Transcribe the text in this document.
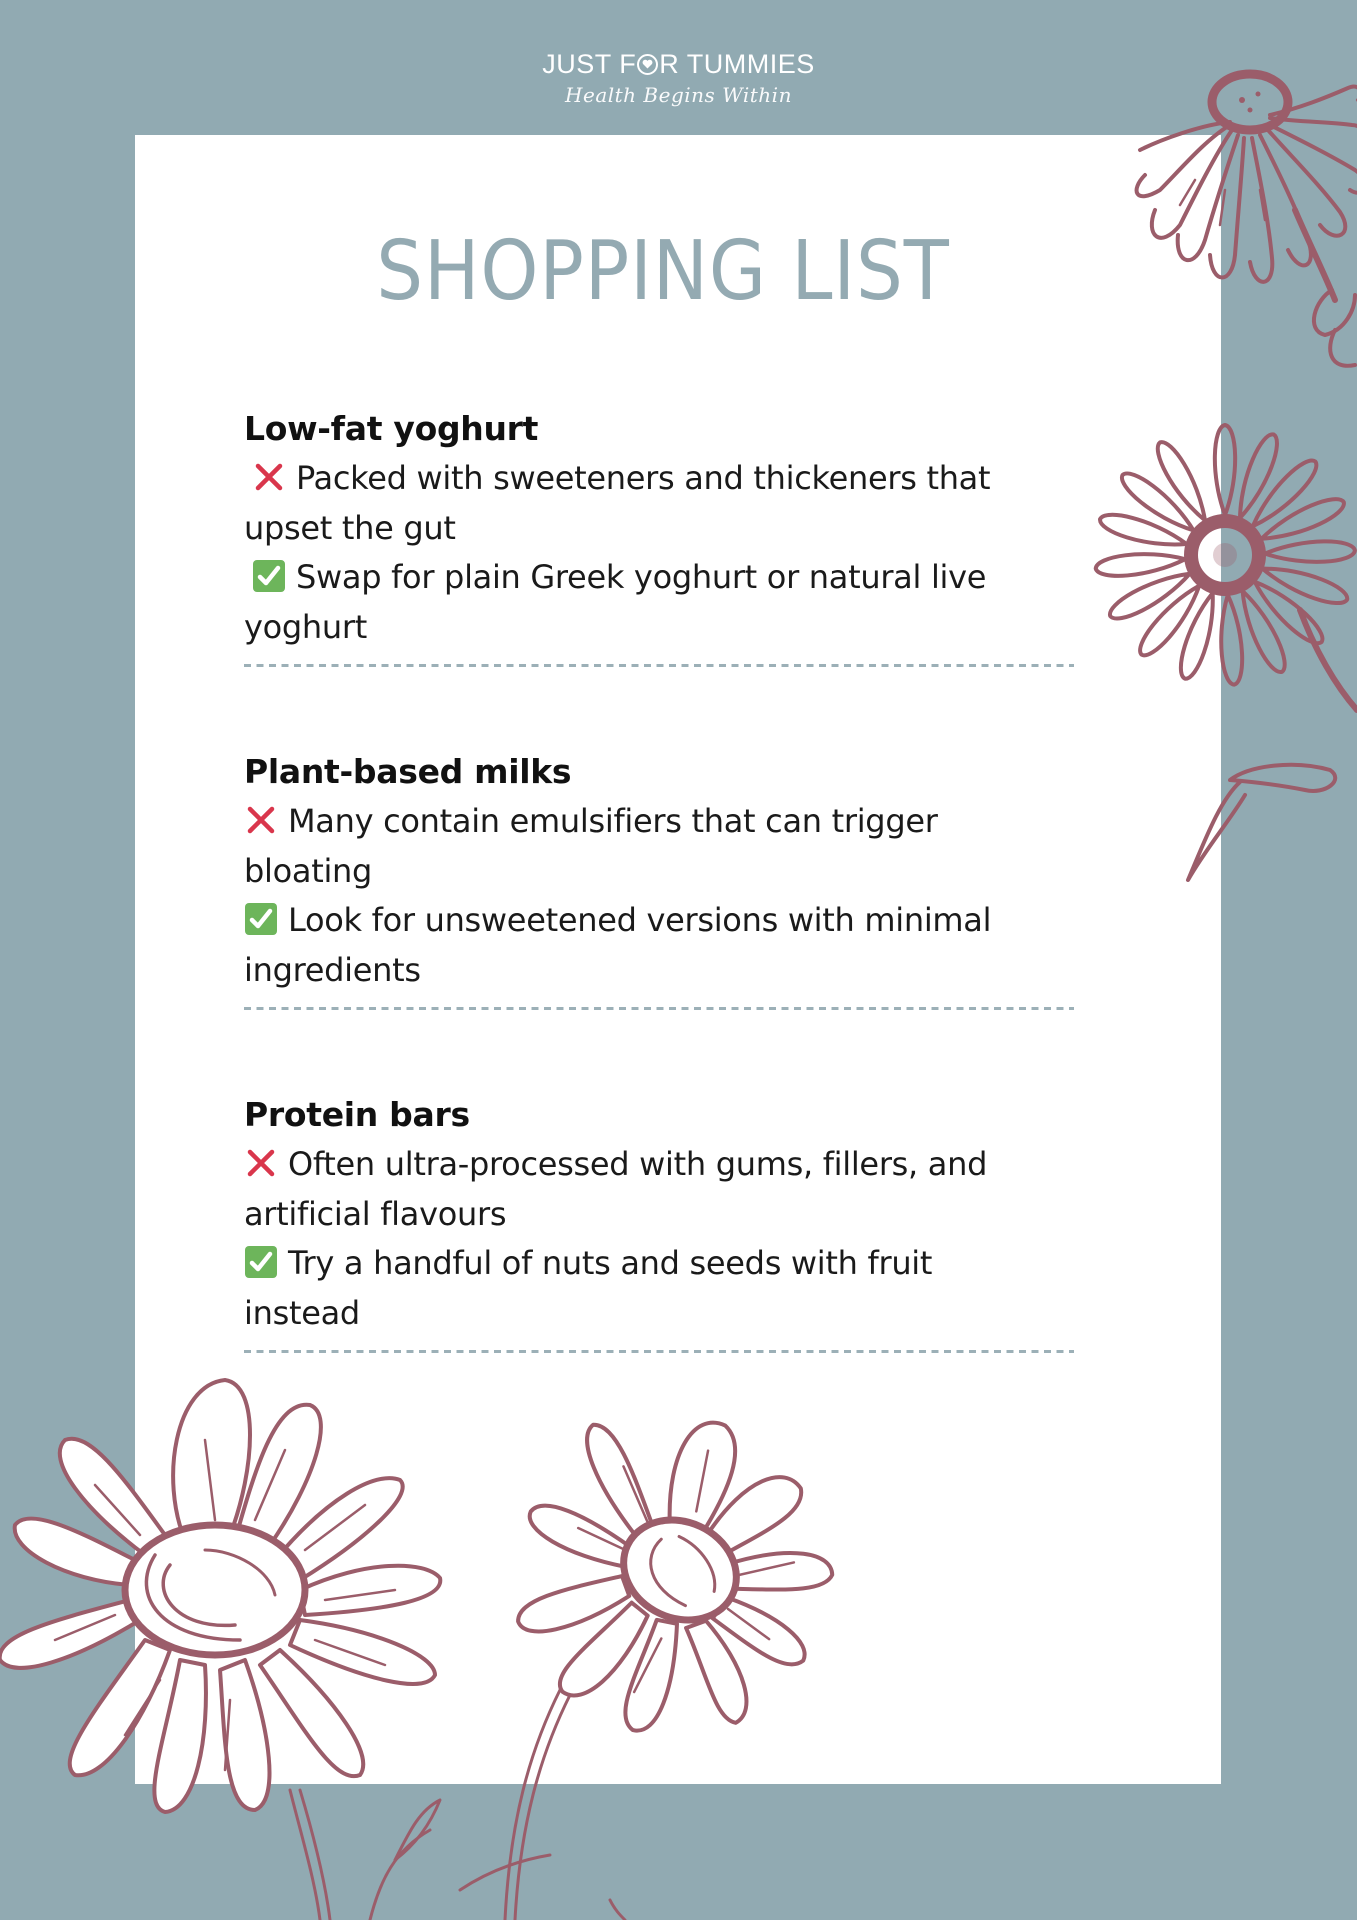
JUST F R TUMMIES
Health Begins Within
SHOPPING LIST
Low-fat yoghurt
Packed with sweeteners and thickeners that
upset the gut
Swap for plain Greek yoghurt or natural live
yoghurt
Plant-based milks
Many contain emulsifiers that can trigger
bloating
Look for unsweetened versions with minimal
ingredients
Protein bars
Often ultra-processed with gums, fillers, and
artificial flavours
Try a handful of nuts and seeds with fruit
instead
